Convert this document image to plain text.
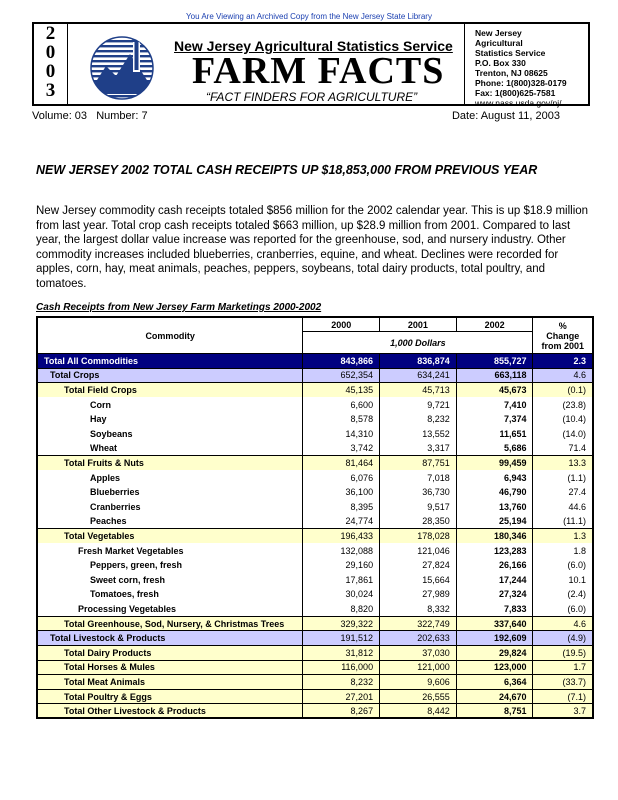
You Are Viewing an Archived Copy from the New Jersey State Library
2
0
0
3
New Jersey Agricultural Statistics Service
FARM FACTS
“FACT FINDERS FOR AGRICULTURE”
New Jersey
Agricultural
Statistics Service
P.O. Box 330
Trenton, NJ 08625
Phone: 1(800)328-0179
Fax: 1(800)625-7581
www.nass.usda.gov/nj/
Volume: 03   Number: 7	Date: August 11, 2003
NEW JERSEY 2002 TOTAL CASH RECEIPTS UP $18,853,000 FROM PREVIOUS YEAR
New Jersey commodity cash receipts totaled $856 million for the 2002 calendar year. This is up $18.9 million from last year. Total crop cash receipts totaled $663 million, up $28.9 million from 2001. Compared to last year, the largest dollar value increase was reported for the greenhouse, sod, and nursery industry. Other commodity increases included blueberries, cranberries, equine, and wheat. Declines were recorded for apples, corn, hay, meat animals, peaches, peppers, soybeans, total dairy products, total poultry, and tomatoes.
Cash Receipts from New Jersey Farm Marketings 2000-2002
Commodity	2000	2001	2002	%
Change
from 2001

	1,000 Dollars			
Total All Commodities	843,866	836,874	855,727	2.3
Total Crops	652,354	634,241	663,118	4.6
Total Field Crops	45,135	45,713	45,673	(0.1)
Corn	6,600	9,721	7,410	(23.8)
Hay	8,578	8,232	7,374	(10.4)
Soybeans	14,310	13,552	11,651	(14.0)
Wheat	3,742	3,317	5,686	71.4
Total Fruits & Nuts	81,464	87,751	99,459	13.3
Apples	6,076	7,018	6,943	(1.1)
Blueberries	36,100	36,730	46,790	27.4
Cranberries	8,395	9,517	13,760	44.6
Peaches	24,774	28,350	25,194	(11.1)
Total Vegetables	196,433	178,028	180,346	1.3
Fresh Market Vegetables	132,088	121,046	123,283	1.8
Peppers, green, fresh	29,160	27,824	26,166	(6.0)
Sweet corn, fresh	17,861	15,664	17,244	10.1
Tomatoes, fresh	30,024	27,989	27,324	(2.4)
Processing Vegetables	8,820	8,332	7,833	(6.0)
Total Greenhouse, Sod, Nursery, & Christmas Trees	329,322	322,749	337,640	4.6
Total Livestock & Products	191,512	202,633	192,609	(4.9)
Total Dairy Products	31,812	37,030	29,824	(19.5)
Total Horses & Mules	116,000	121,000	123,000	1.7
Total Meat Animals	8,232	9,606	6,364	(33.7)
Total Poultry & Eggs	27,201	26,555	24,670	(7.1)
Total Other Livestock & Products	8,267	8,442	8,751	3.7
